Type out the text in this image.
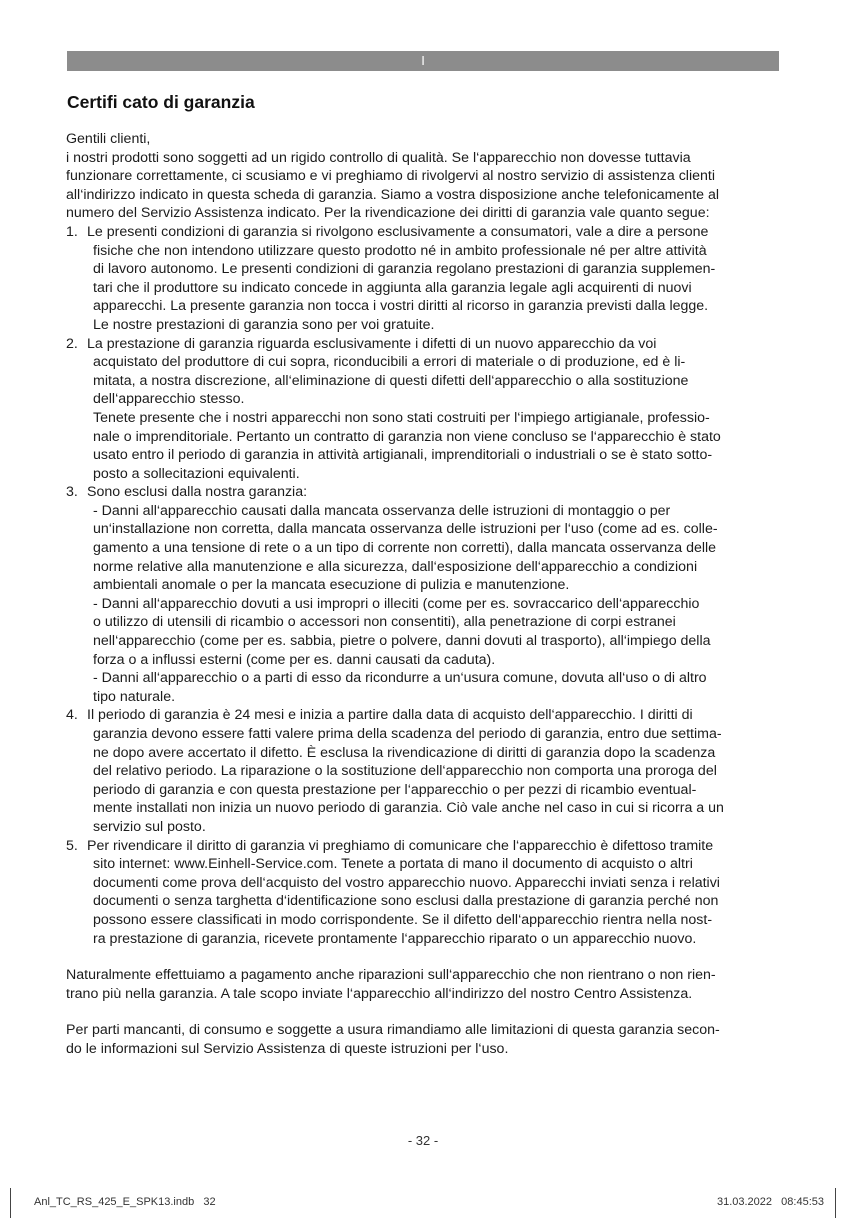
I
Certifi cato di garanzia

Gentili clienti,

i nostri prodotti sono soggetti ad un rigido controllo di qualità. Se l‘apparecchio non dovesse tuttavia
funzionare correttamente, ci scusiamo e vi preghiamo di rivolgervi al nostro servizio di assistenza clienti
all‘indirizzo indicato in questa scheda di garanzia. Siamo a vostra disposizione anche telefonicamente al
numero del Servizio Assistenza indicato. Per la rivendicazione dei diritti di garanzia vale quanto segue:
1. Le presenti condizioni di garanzia si rivolgono esclusivamente a consumatori, vale a dire a persone
fisiche che non intendono utilizzare questo prodotto né in ambito professionale né per altre attività
di lavoro autonomo. Le presenti condizioni di garanzia regolano prestazioni di garanzia supplemen-
tari che il produttore su indicato concede in aggiunta alla garanzia legale agli acquirenti di nuovi
apparecchi. La presente garanzia non tocca i vostri diritti al ricorso in garanzia previsti dalla legge.
Le nostre prestazioni di garanzia sono per voi gratuite.
2. La prestazione di garanzia riguarda esclusivamente i difetti di un nuovo apparecchio da voi
acquistato del produttore di cui sopra, riconducibili a errori di materiale o di produzione, ed è li-
mitata, a nostra discrezione, all‘eliminazione di questi difetti dell‘apparecchio o alla sostituzione
dell‘apparecchio stesso.
Tenete presente che i nostri apparecchi non sono stati costruiti per l‘impiego artigianale, professio-
nale o imprenditoriale. Pertanto un contratto di garanzia non viene concluso se l‘apparecchio è stato
usato entro il periodo di garanzia in attività artigianali, imprenditoriali o industriali o se è stato sotto-
posto a sollecitazioni equivalenti.
3. Sono esclusi dalla nostra garanzia:
- Danni all‘apparecchio causati dalla mancata osservanza delle istruzioni di montaggio o per
un‘installazione non corretta, dalla mancata osservanza delle istruzioni per l‘uso (come ad es. colle-
gamento a una tensione di rete o a un tipo di corrente non corretti), dalla mancata osservanza delle
norme relative alla manutenzione e alla sicurezza, dall‘esposizione dell‘apparecchio a condizioni
ambientali anomale o per la mancata esecuzione di pulizia e manutenzione.
- Danni all‘apparecchio dovuti a usi impropri o illeciti (come per es. sovraccarico dell‘apparecchio
o utilizzo di utensili di ricambio o accessori non consentiti), alla penetrazione di corpi estranei
nell‘apparecchio (come per es. sabbia, pietre o polvere, danni dovuti al trasporto), all‘impiego della
forza o a influssi esterni (come per es. danni causati da caduta).
- Danni all‘apparecchio o a parti di esso da ricondurre a un‘usura comune, dovuta all‘uso o di altro
tipo naturale.
4. Il periodo di garanzia è 24 mesi e inizia a partire dalla data di acquisto dell‘apparecchio. I diritti di
garanzia devono essere fatti valere prima della scadenza del periodo di garanzia, entro due settima-
ne dopo avere accertato il difetto. È esclusa la rivendicazione di diritti di garanzia dopo la scadenza
del relativo periodo. La riparazione o la sostituzione dell‘apparecchio non comporta una proroga del
periodo di garanzia e con questa prestazione per l‘apparecchio o per pezzi di ricambio eventual-
mente installati non inizia un nuovo periodo di garanzia. Ciò vale anche nel caso in cui si ricorra a un
servizio sul posto.
5. Per rivendicare il diritto di garanzia vi preghiamo di comunicare che l‘apparecchio è difettoso tramite
sito internet: www.Einhell-Service.com. Tenete a portata di mano il documento di acquisto o altri
documenti come prova dell‘acquisto del vostro apparecchio nuovo. Apparecchi inviati senza i relativi
documenti o senza targhetta d‘identificazione sono esclusi dalla prestazione di garanzia perché non
possono essere classificati in modo corrispondente. Se il difetto dell‘apparecchio rientra nella nost-
ra prestazione di garanzia, ricevete prontamente l‘apparecchio riparato o un apparecchio nuovo.
Naturalmente effettuiamo a pagamento anche riparazioni sull‘apparecchio che non rientrano o non rien-
trano più nella garanzia. A tale scopo inviate l‘apparecchio all‘indirizzo del nostro Centro Assistenza.
Per parti mancanti, di consumo e soggette a usura rimandiamo alle limitazioni di questa garanzia secon-
do le informazioni sul Servizio Assistenza di queste istruzioni per l‘uso.
- 32 -
Anl_TC_RS_425_E_SPK13.indb   32	31.03.2022   08:45:53
